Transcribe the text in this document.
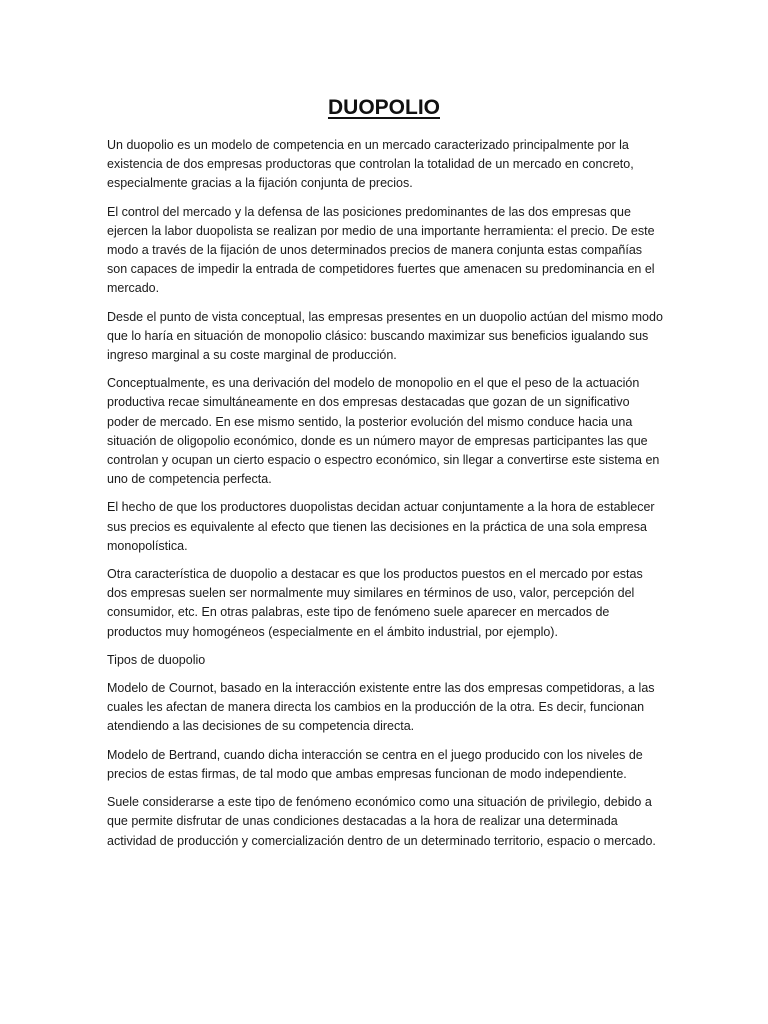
DUOPOLIO

Un duopolio es un modelo de competencia en un mercado caracterizado principalmente por la existencia de dos empresas productoras que controlan la totalidad de un mercado en concreto, especialmente gracias a la fijación conjunta de precios.

El control del mercado y la defensa de las posiciones predominantes de las dos empresas que ejercen la labor duopolista se realizan por medio de una importante herramienta: el precio. De este modo a través de la fijación de unos determinados precios de manera conjunta estas compañías son capaces de impedir la entrada de competidores fuertes que amenacen su predominancia en el mercado.

Desde el punto de vista conceptual, las empresas presentes en un duopolio actúan del mismo modo que lo haría en situación de monopolio clásico: buscando maximizar sus beneficios igualando sus ingreso marginal a su coste marginal de producción.

Conceptualmente, es una derivación del modelo de monopolio en el que el peso de la actuación productiva recae simultáneamente en dos empresas destacadas que gozan de un significativo poder de mercado. En ese mismo sentido, la posterior evolución del mismo conduce hacia una situación de oligopolio económico, donde es un número mayor de empresas participantes las que controlan y ocupan un cierto espacio o espectro económico, sin llegar a convertirse este sistema en uno de competencia perfecta.

El hecho de que los productores duopolistas decidan actuar conjuntamente a la hora de establecer sus precios es equivalente al efecto que tienen las decisiones en la práctica de una sola empresa monopolística.

Otra característica de duopolio a destacar es que los productos puestos en el mercado por estas dos empresas suelen ser normalmente muy similares en términos de uso, valor, percepción del consumidor, etc. En otras palabras, este tipo de fenómeno suele aparecer en mercados de productos muy homogéneos (especialmente en el ámbito industrial, por ejemplo).

Tipos de duopolio

Modelo de Cournot, basado en la interacción existente entre las dos empresas competidoras, a las cuales les afectan de manera directa los cambios en la producción de la otra. Es decir, funcionan atendiendo a las decisiones de su competencia directa.

Modelo de Bertrand, cuando dicha interacción se centra en el juego producido con los niveles de precios de estas firmas, de tal modo que ambas empresas funcionan de modo independiente.

Suele considerarse a este tipo de fenómeno económico como una situación de privilegio, debido a que permite disfrutar de unas condiciones destacadas a la hora de realizar una determinada actividad de producción y comercialización dentro de un determinado territorio, espacio o mercado.
